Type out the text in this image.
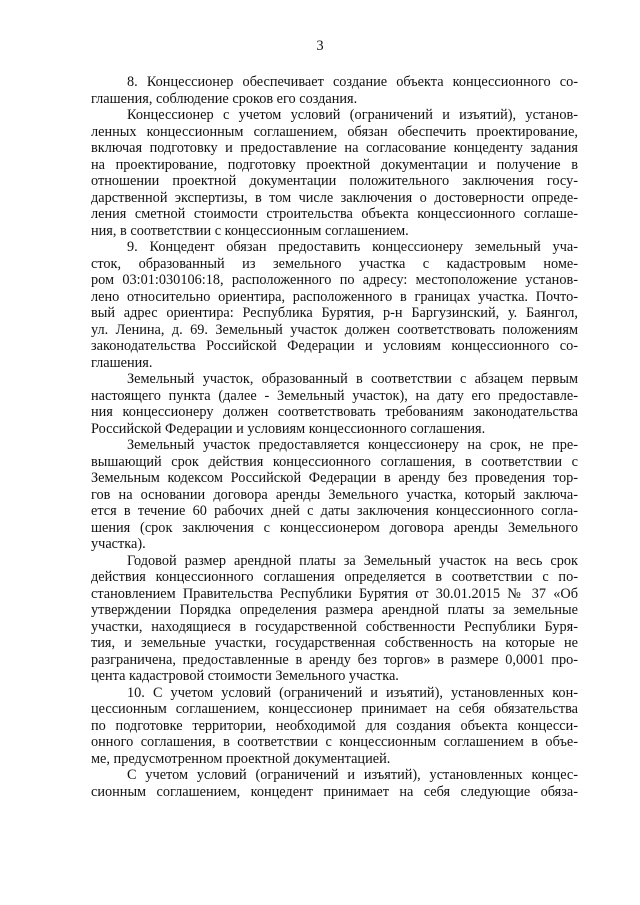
3
8. Концессионер обеспечивает создание объекта концессионного со-
глашения, соблюдение сроков его создания.
Концессионер с учетом условий (ограничений и изъятий), установ-
ленных концессионным соглашением, обязан обеспечить проектирование,
включая подготовку и предоставление на согласование концеденту задания
на проектирование, подготовку проектной документации и получение в
отношении проектной документации положительного заключения госу-
дарственной экспертизы, в том числе заключения о достоверности опреде-
ления сметной стоимости строительства объекта концессионного соглаше-
ния, в соответствии с концессионным соглашением.
9. Концедент обязан предоставить концессионеру земельный уча-
сток, образованный из земельного участка с кадастровым номе-
ром 03:01:030106:18, расположенного по адресу: местоположение установ-
лено относительно ориентира, расположенного в границах участка. Почто-
вый адрес ориентира: Республика Бурятия, р-н Баргузинский, у. Баянгол,
ул. Ленина, д. 69. Земельный участок должен соответствовать положениям
законодательства Российской Федерации и условиям концессионного со-
глашения.
Земельный участок, образованный в соответствии с абзацем первым
настоящего пункта (далее - Земельный участок), на дату его предоставле-
ния концессионеру должен соответствовать требованиям законодательства
Российской Федерации и условиям концессионного соглашения.
Земельный участок предоставляется концессионеру на срок, не пре-
вышающий срок действия концессионного соглашения, в соответствии с
Земельным кодексом Российской Федерации в аренду без проведения тор-
гов на основании договора аренды Земельного участка, который заключа-
ется в течение 60 рабочих дней с даты заключения концессионного согла-
шения (срок заключения с концессионером договора аренды Земельного
участка).
Годовой размер арендной платы за Земельный участок на весь срок
действия концессионного соглашения определяется в соответствии с по-
становлением Правительства Республики Бурятия от 30.01.2015 № 37 «Об
утверждении Порядка определения размера арендной платы за земельные
участки, находящиеся в государственной собственности Республики Буря-
тия, и земельные участки, государственная собственность на которые не
разграничена, предоставленные в аренду без торгов» в размере 0,0001 про-
цента кадастровой стоимости Земельного участка.
10. С учетом условий (ограничений и изъятий), установленных кон-
цессионным соглашением, концессионер принимает на себя обязательства
по подготовке территории, необходимой для создания объекта концесси-
онного соглашения, в соответствии с концессионным соглашением в объе-
ме, предусмотренном проектной документацией.
С учетом условий (ограничений и изъятий), установленных концес-
сионным соглашением, концедент принимает на себя следующие обяза-
